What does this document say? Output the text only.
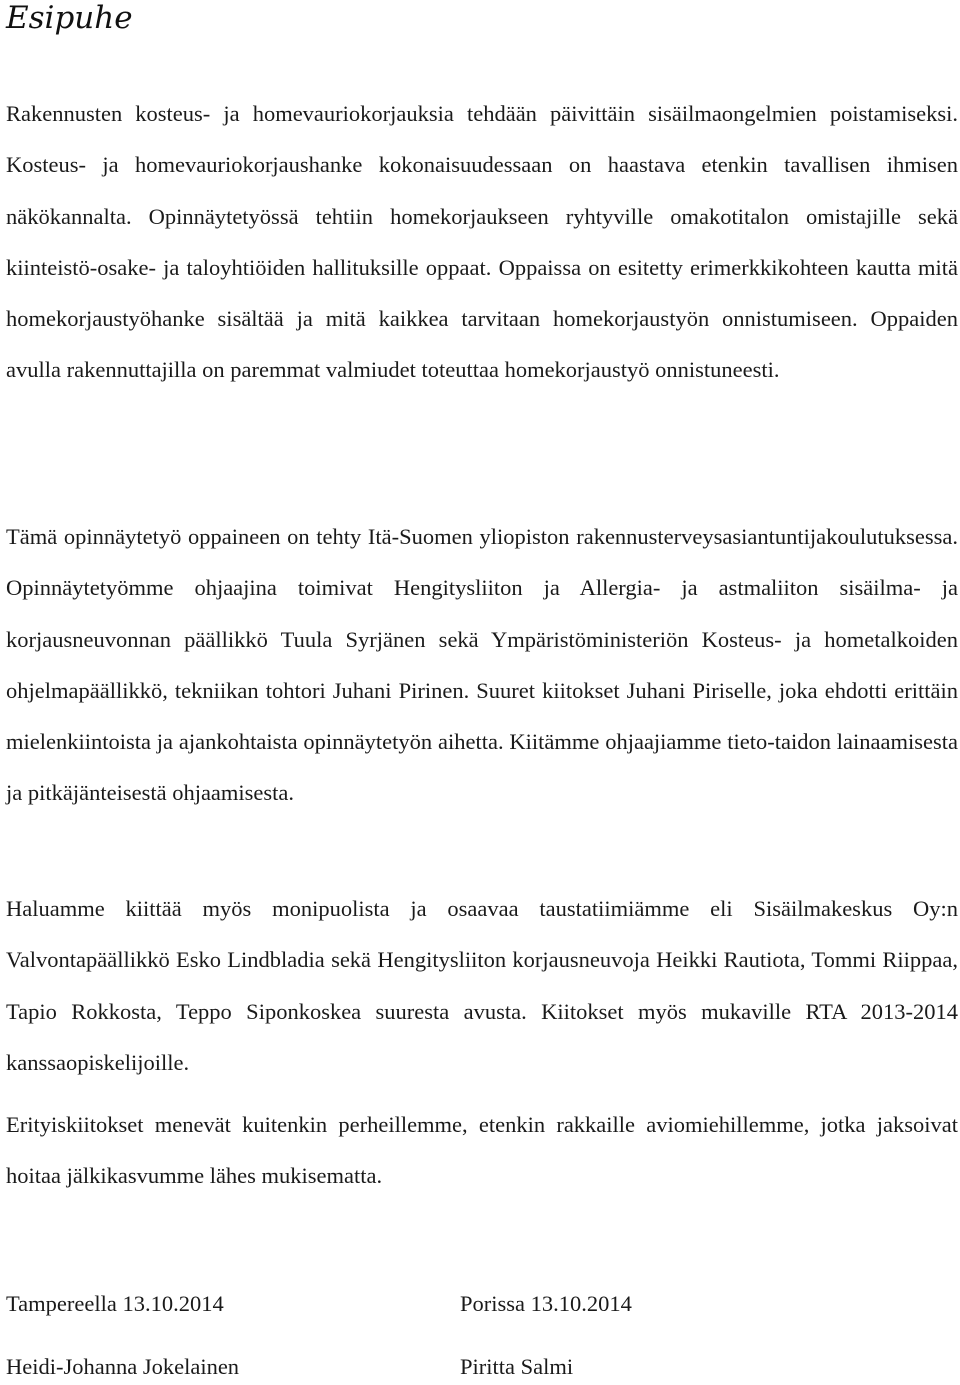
Esipuhe

Rakennusten kosteus- ja homevauriokorjauksia tehdään päivittäin sisäilmaongelmien poistamiseksi. Kosteus- ja homevauriokorjaushanke kokonaisuudessaan on haastava etenkin tavallisen ihmisen näkökannalta. Opinnäytetyössä tehtiin homekorjaukseen ryhtyville omakotitalon omistajille sekä kiinteistö-osake- ja taloyhtiöiden hallituksille oppaat. Oppaissa on esitetty erimerkkikohteen kautta mitä homekorjaustyöhanke sisältää ja mitä kaikkea tarvitaan homekorjaustyön onnistumiseen. Oppaiden avulla rakennuttajilla on paremmat valmiudet toteuttaa homekorjaustyö onnistuneesti.

Tämä opinnäytetyö oppaineen on tehty Itä-Suomen yliopiston rakennusterveysasiantuntijakoulutuksessa. Opinnäytetyömme ohjaajina toimivat Hengitysliiton ja Allergia- ja astmaliiton sisäilma- ja korjausneuvonnan päällikkö Tuula Syrjänen sekä Ympäristöministeriön Kosteus- ja hometalkoiden ohjelmapäällikkö, tekniikan tohtori Juhani Pirinen. Suuret kiitokset Juhani Piriselle, joka ehdotti erittäin mielenkiintoista ja ajankohtaista opinnäytetyön aihetta. Kiitämme ohjaajiamme tieto-taidon lainaamisesta ja pitkäjänteisestä ohjaamisesta.

Haluamme kiittää myös monipuolista ja osaavaa taustatiimiämme eli Sisäilmakeskus Oy:n Valvontapäällikkö Esko Lindbladia sekä Hengitysliiton korjausneuvoja Heikki Rautiota, Tommi Riippaa, Tapio Rokkosta, Teppo Siponkoskea suuresta avusta. Kiitokset myös mukaville RTA 2013-2014 kanssaopiskelijoille.

Erityiskiitokset menevät kuitenkin perheillemme, etenkin rakkaille aviomiehillemme, jotka jaksoivat hoitaa jälkikasvumme lähes mukisematta.

Tampereella 13.10.2014	Porissa 13.10.2014
Heidi-Johanna Jokelainen	Piritta Salmi
